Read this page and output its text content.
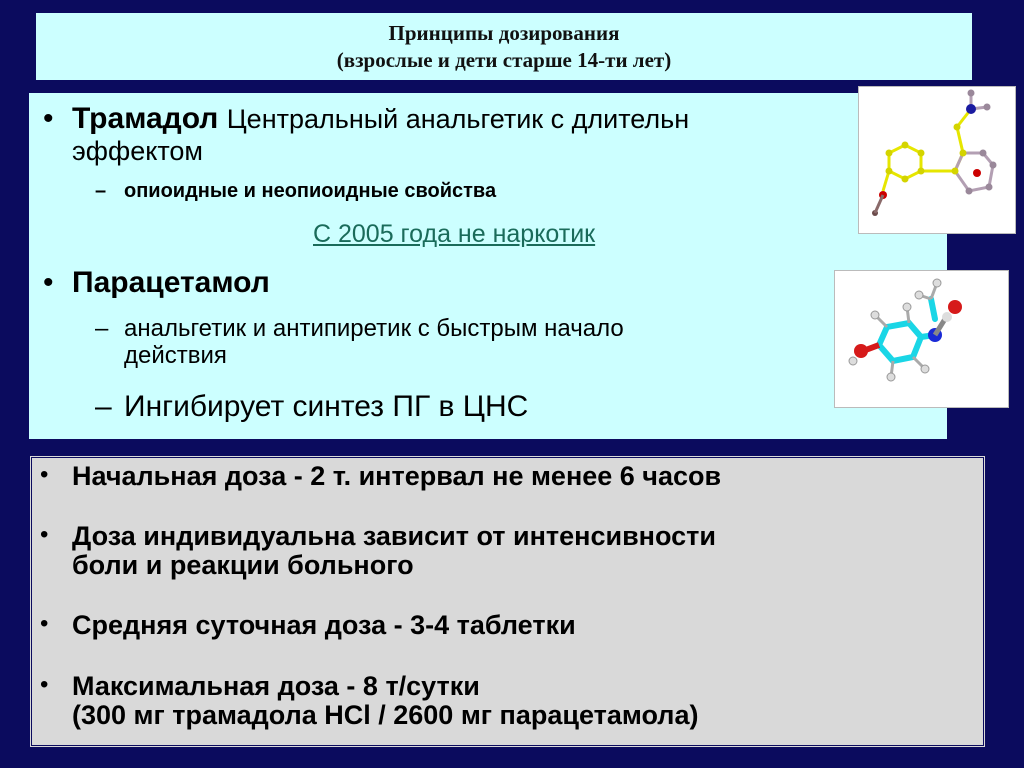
Принципы дозирования
(взрослые и дети старше 14-ти лет)
• Трамадол Центральный анальгетик с длительн
эффектом
– опиоидные и неопиоидные свойства
С 2005 года не наркотик
• Парацетамол
– анальгетик и антипиретик с быстрым начало
действия
– Ингибирует синтез ПГ в ЦНС
• Начальная доза - 2 т. интервал не менее 6 часов
• Доза индивидуальна зависит от интенсивности
боли и реакции больного
• Средняя суточная доза - 3-4 таблетки
• Максимальная доза - 8 т/сутки
(300 мг трамадола HCl / 2600 мг парацетамола)
